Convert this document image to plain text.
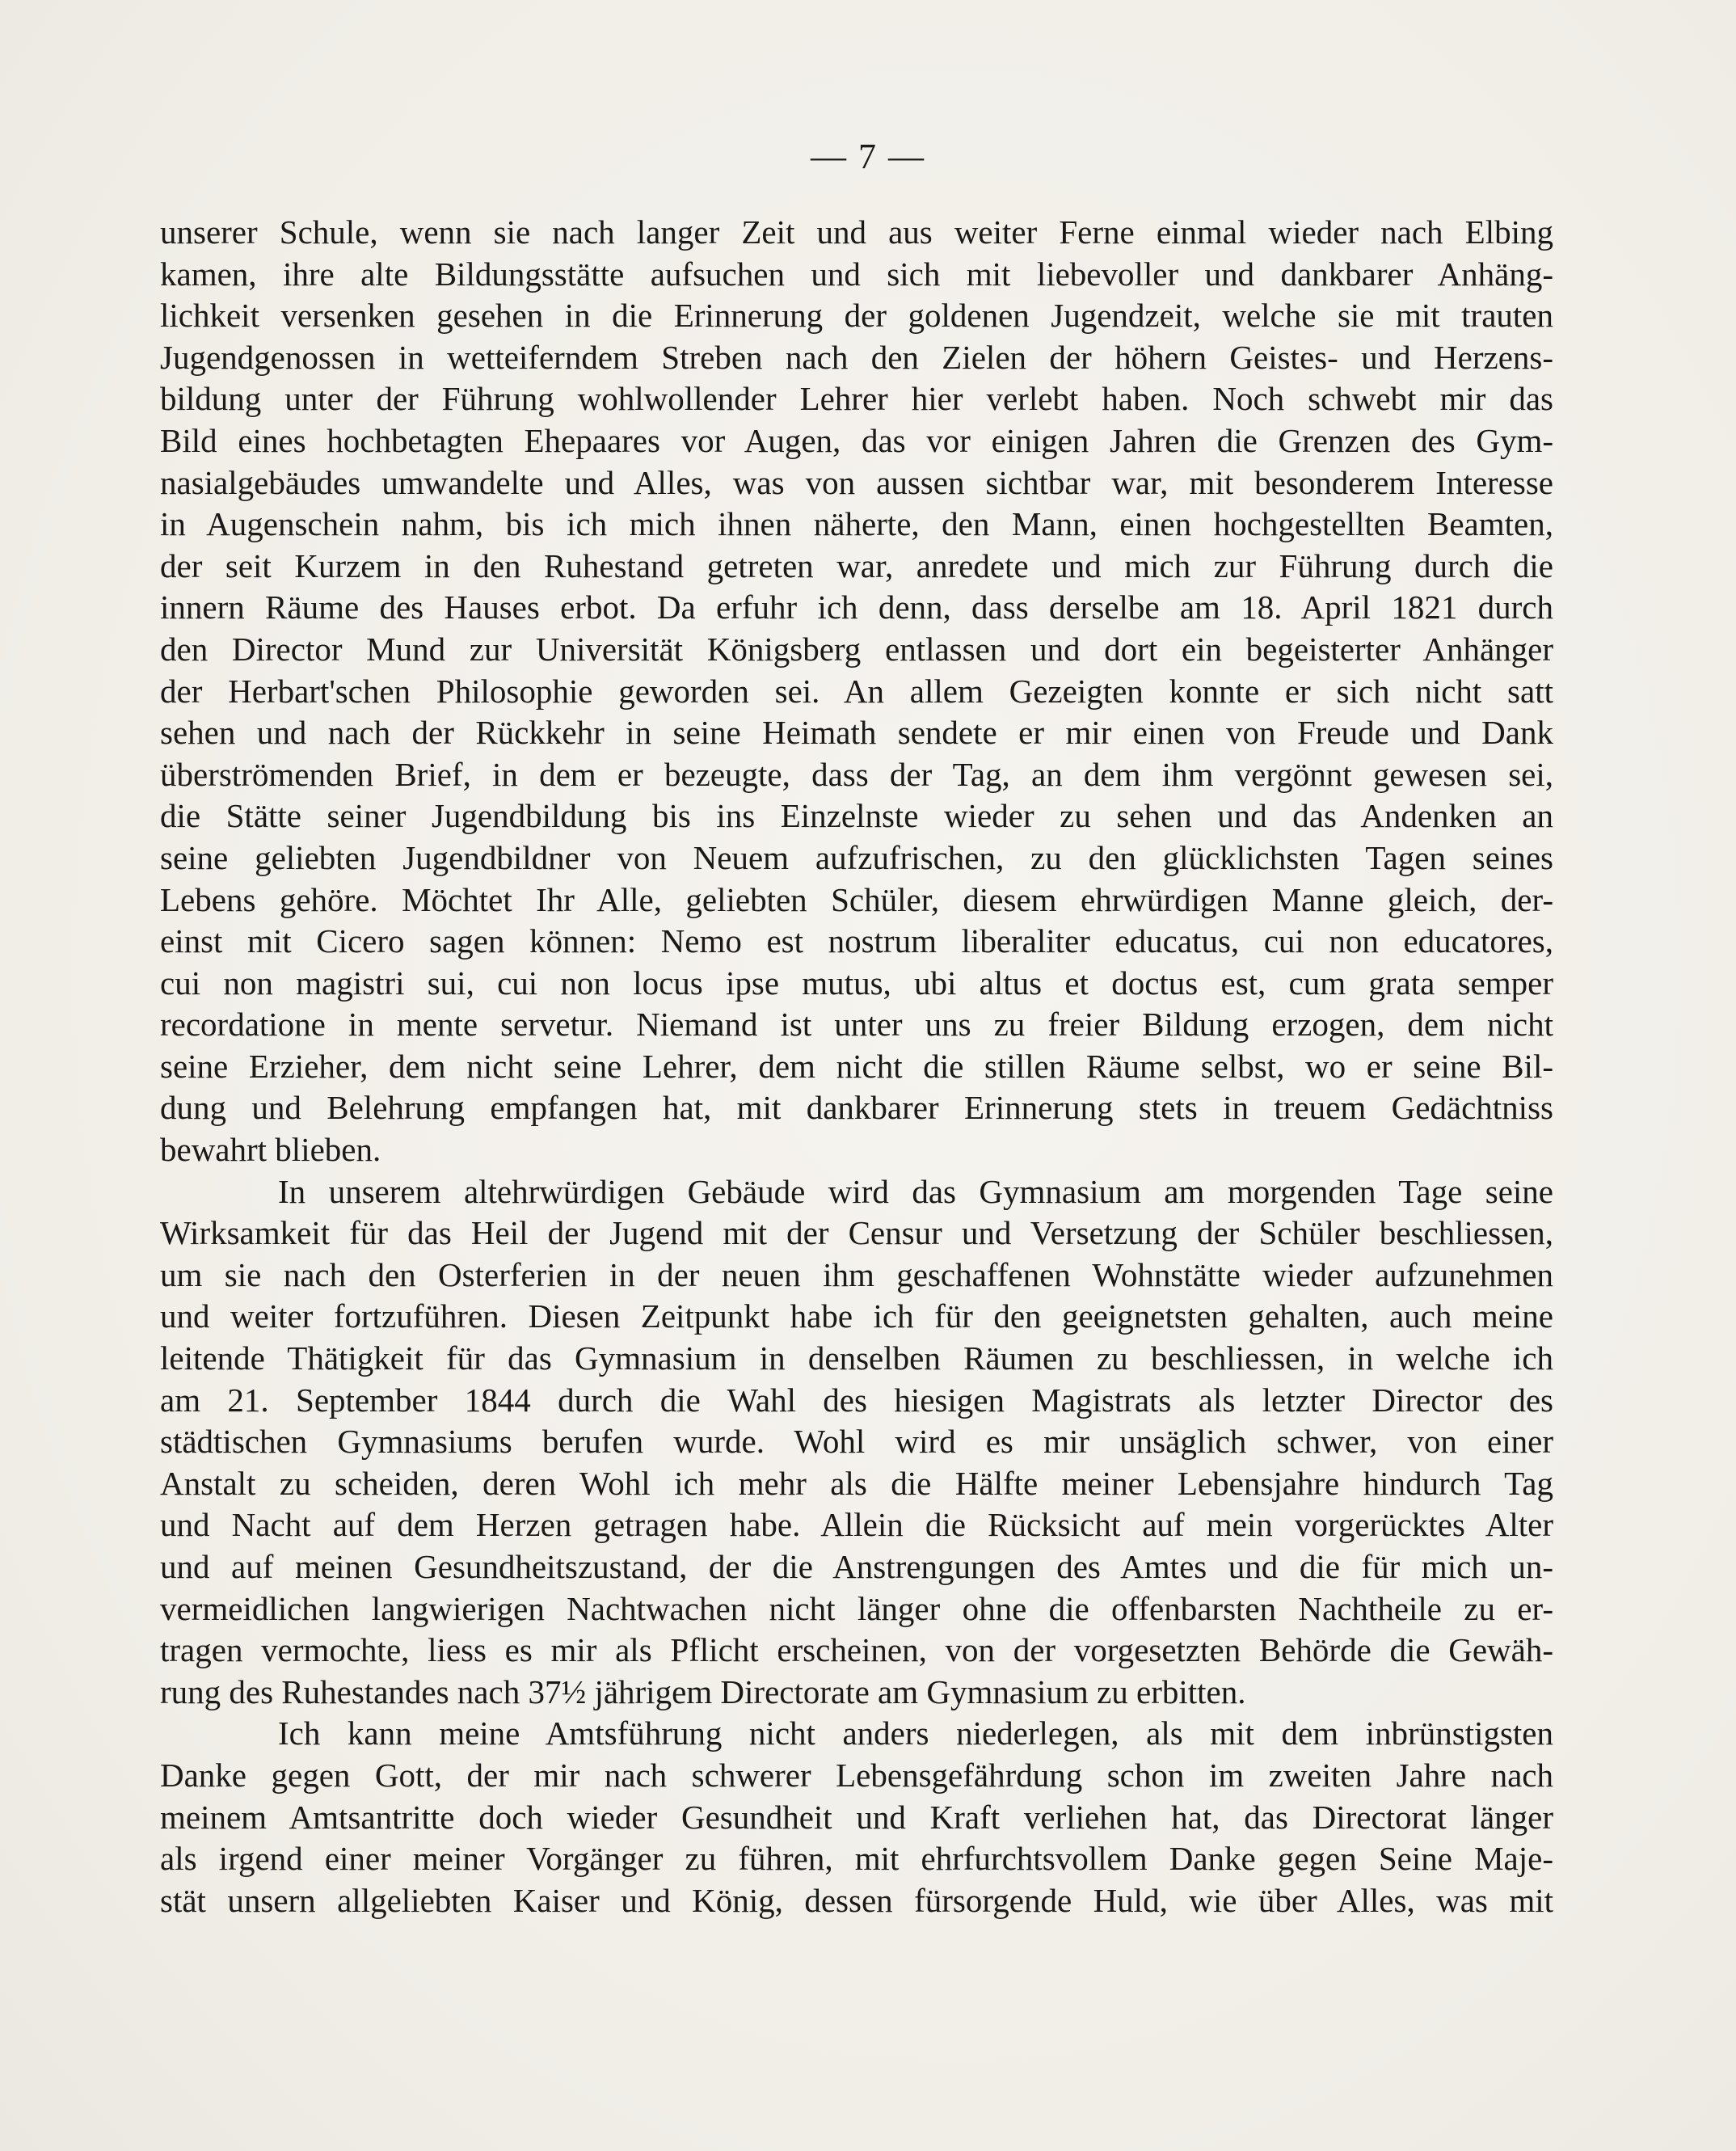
— 7 —
unserer Schule, wenn sie nach langer Zeit und aus weiter Ferne einmal wieder nach Elbing
kamen, ihre alte Bildungsstätte aufsuchen und sich mit liebevoller und dankbarer Anhäng-
lichkeit versenken gesehen in die Erinnerung der goldenen Jugendzeit, welche sie mit trauten
Jugendgenossen in wetteiferndem Streben nach den Zielen der höhern Geistes- und Herzens-
bildung unter der Führung wohlwollender Lehrer hier verlebt haben. Noch schwebt mir das
Bild eines hochbetagten Ehepaares vor Augen, das vor einigen Jahren die Grenzen des Gym-
nasialgebäudes umwandelte und Alles, was von aussen sichtbar war, mit besonderem Interesse
in Augenschein nahm, bis ich mich ihnen näherte, den Mann, einen hochgestellten Beamten,
der seit Kurzem in den Ruhestand getreten war, anredete und mich zur Führung durch die
innern Räume des Hauses erbot. Da erfuhr ich denn, dass derselbe am 18. April 1821 durch
den Director Mund zur Universität Königsberg entlassen und dort ein begeisterter Anhänger
der Herbart'schen Philosophie geworden sei. An allem Gezeigten konnte er sich nicht satt
sehen und nach der Rückkehr in seine Heimath sendete er mir einen von Freude und Dank
überströmenden Brief, in dem er bezeugte, dass der Tag, an dem ihm vergönnt gewesen sei,
die Stätte seiner Jugendbildung bis ins Einzelnste wieder zu sehen und das Andenken an
seine geliebten Jugendbildner von Neuem aufzufrischen, zu den glücklichsten Tagen seines
Lebens gehöre. Möchtet Ihr Alle, geliebten Schüler, diesem ehrwürdigen Manne gleich, der-
einst mit Cicero sagen können: Nemo est nostrum liberaliter educatus, cui non educatores,
cui non magistri sui, cui non locus ipse mutus, ubi altus et doctus est, cum grata semper
recordatione in mente servetur. Niemand ist unter uns zu freier Bildung erzogen, dem nicht
seine Erzieher, dem nicht seine Lehrer, dem nicht die stillen Räume selbst, wo er seine Bil-
dung und Belehrung empfangen hat, mit dankbarer Erinnerung stets in treuem Gedächtniss
bewahrt blieben.
In unserem altehrwürdigen Gebäude wird das Gymnasium am morgenden Tage seine
Wirksamkeit für das Heil der Jugend mit der Censur und Versetzung der Schüler beschliessen,
um sie nach den Osterferien in der neuen ihm geschaffenen Wohnstätte wieder aufzunehmen
und weiter fortzuführen. Diesen Zeitpunkt habe ich für den geeignetsten gehalten, auch meine
leitende Thätigkeit für das Gymnasium in denselben Räumen zu beschliessen, in welche ich
am 21. September 1844 durch die Wahl des hiesigen Magistrats als letzter Director des
städtischen Gymnasiums berufen wurde. Wohl wird es mir unsäglich schwer, von einer
Anstalt zu scheiden, deren Wohl ich mehr als die Hälfte meiner Lebensjahre hindurch Tag
und Nacht auf dem Herzen getragen habe. Allein die Rücksicht auf mein vorgerücktes Alter
und auf meinen Gesundheitszustand, der die Anstrengungen des Amtes und die für mich un-
vermeidlichen langwierigen Nachtwachen nicht länger ohne die offenbarsten Nachtheile zu er-
tragen vermochte, liess es mir als Pflicht erscheinen, von der vorgesetzten Behörde die Gewäh-
rung des Ruhestandes nach 37½ jährigem Directorate am Gymnasium zu erbitten.
Ich kann meine Amtsführung nicht anders niederlegen, als mit dem inbrünstigsten
Danke gegen Gott, der mir nach schwerer Lebensgefährdung schon im zweiten Jahre nach
meinem Amtsantritte doch wieder Gesundheit und Kraft verliehen hat, das Directorat länger
als irgend einer meiner Vorgänger zu führen, mit ehrfurchtsvollem Danke gegen Seine Maje-
stät unsern allgeliebten Kaiser und König, dessen fürsorgende Huld, wie über Alles, was mit
